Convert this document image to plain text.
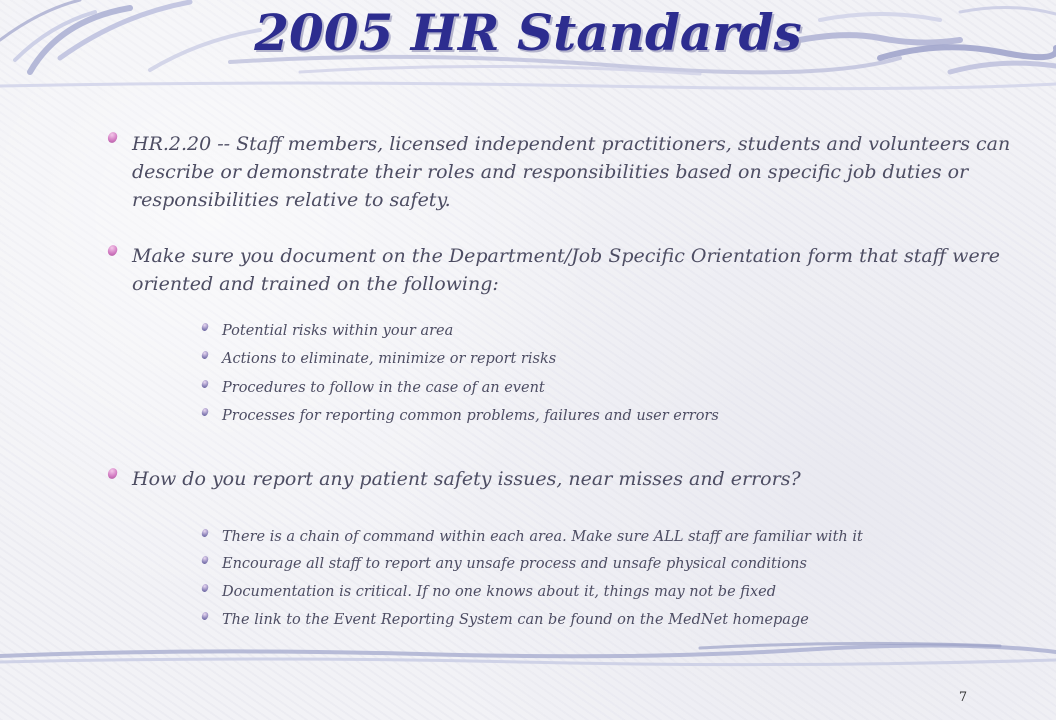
2005 HR Standards
HR.2.20 -- Staff members, licensed independent practitioners, students and volunteers can describe or demonstrate their roles and responsibilities based on specific job duties or responsibilities relative to safety.
Make sure you document on the Department/Job Specific Orientation form that staff were oriented and trained on the following:
Potential risks within your area
Actions to eliminate, minimize or report risks
Procedures to follow in the case of an event
Processes for reporting common problems, failures and user errors
How do you report any patient safety issues, near misses and errors?
There is a chain of command within each area. Make sure ALL staff are familiar with it
Encourage all staff to report any unsafe process and unsafe physical conditions
Documentation is critical. If no one knows about it, things may not be fixed
The link to the Event Reporting System can be found on the MedNet homepage
7
